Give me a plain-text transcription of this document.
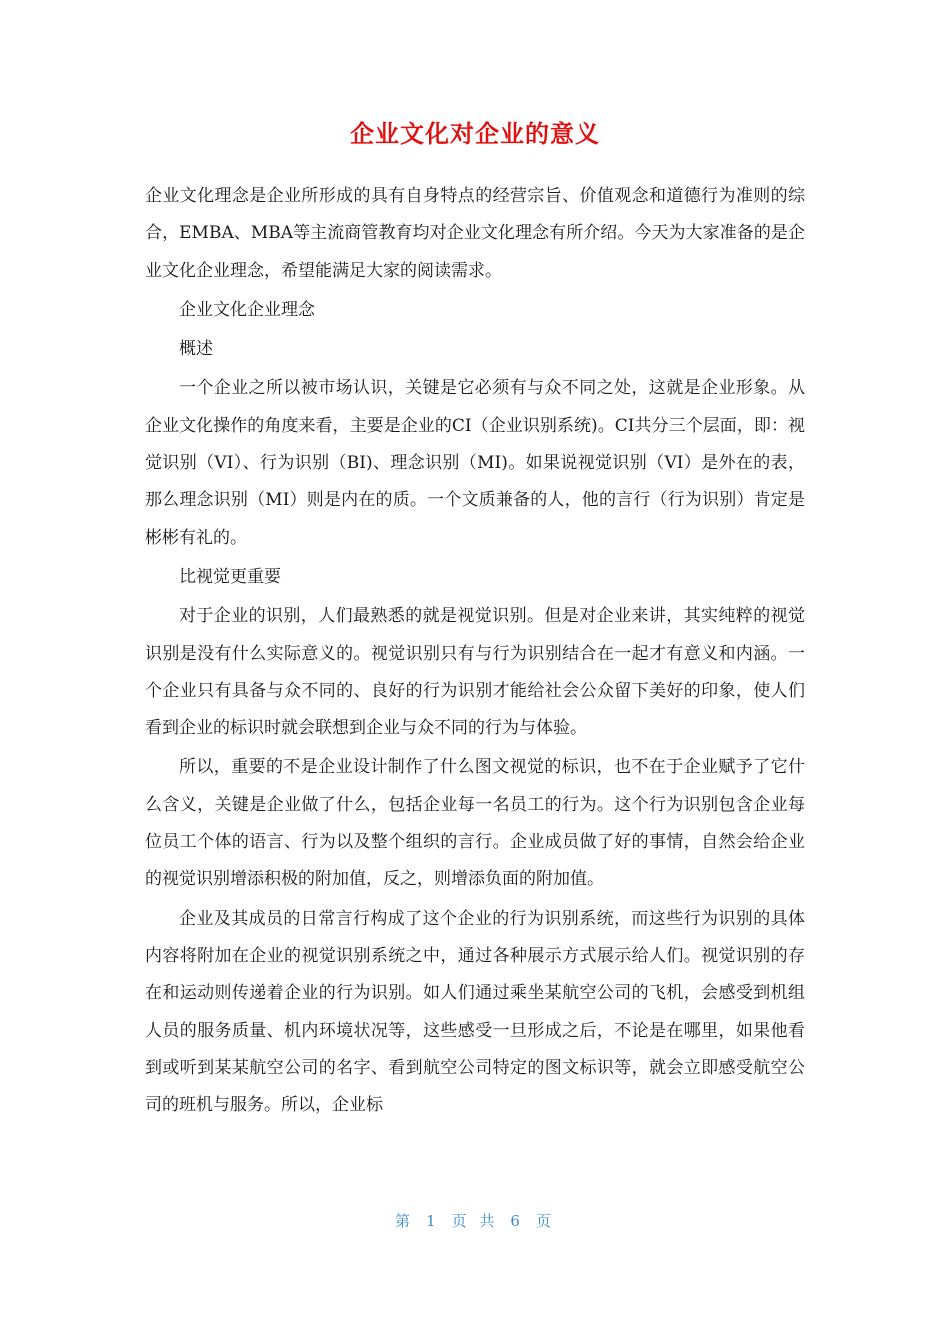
企业文化对企业的意义

企业文化理念是企业所形成的具有自身特点的经营宗旨、价值观念和道德行为准则的综合，EMBA、MBA等主流商管教育均对企业文化理念有所介绍。今天为大家准备的是企业文化企业理念，希望能满足大家的阅读需求。

企业文化企业理念

概述

一个企业之所以被市场认识，关键是它必须有与众不同之处，这就是企业形象。从企业文化操作的角度来看，主要是企业的CI（企业识别系统)。CI共分三个层面，即：视觉识别（VI）、行为识别（BI)、理念识别（MI)。如果说视觉识别（VI）是外在的表，那么理念识别（MI）则是内在的质。一个文质兼备的人，他的言行（行为识别）肯定是彬彬有礼的。

比视觉更重要

对于企业的识别，人们最熟悉的就是视觉识别。但是对企业来讲，其实纯粹的视觉识别是没有什么实际意义的。视觉识别只有与行为识别结合在一起才有意义和内涵。一个企业只有具备与众不同的、良好的行为识别才能给社会公众留下美好的印象，使人们看到企业的标识时就会联想到企业与众不同的行为与体验。

所以，重要的不是企业设计制作了什么图文视觉的标识，也不在于企业赋予了它什么含义，关键是企业做了什么，包括企业每一名员工的行为。这个行为识别包含企业每位员工个体的语言、行为以及整个组织的言行。企业成员做了好的事情，自然会给企业的视觉识别增添积极的附加值，反之，则增添负面的附加值。

企业及其成员的日常言行构成了这个企业的行为识别系统，而这些行为识别的具体内容将附加在企业的视觉识别系统之中，通过各种展示方式展示给人们。视觉识别的存在和运动则传递着企业的行为识别。如人们通过乘坐某航空公司的飞机，会感受到机组人员的服务质量、机内环境状况等，这些感受一旦形成之后，不论是在哪里，如果他看到或听到某某航空公司的名字、看到航空公司特定的图文标识等，就会立即感受航空公司的班机与服务。所以，企业标

第 1 页 共 6 页
